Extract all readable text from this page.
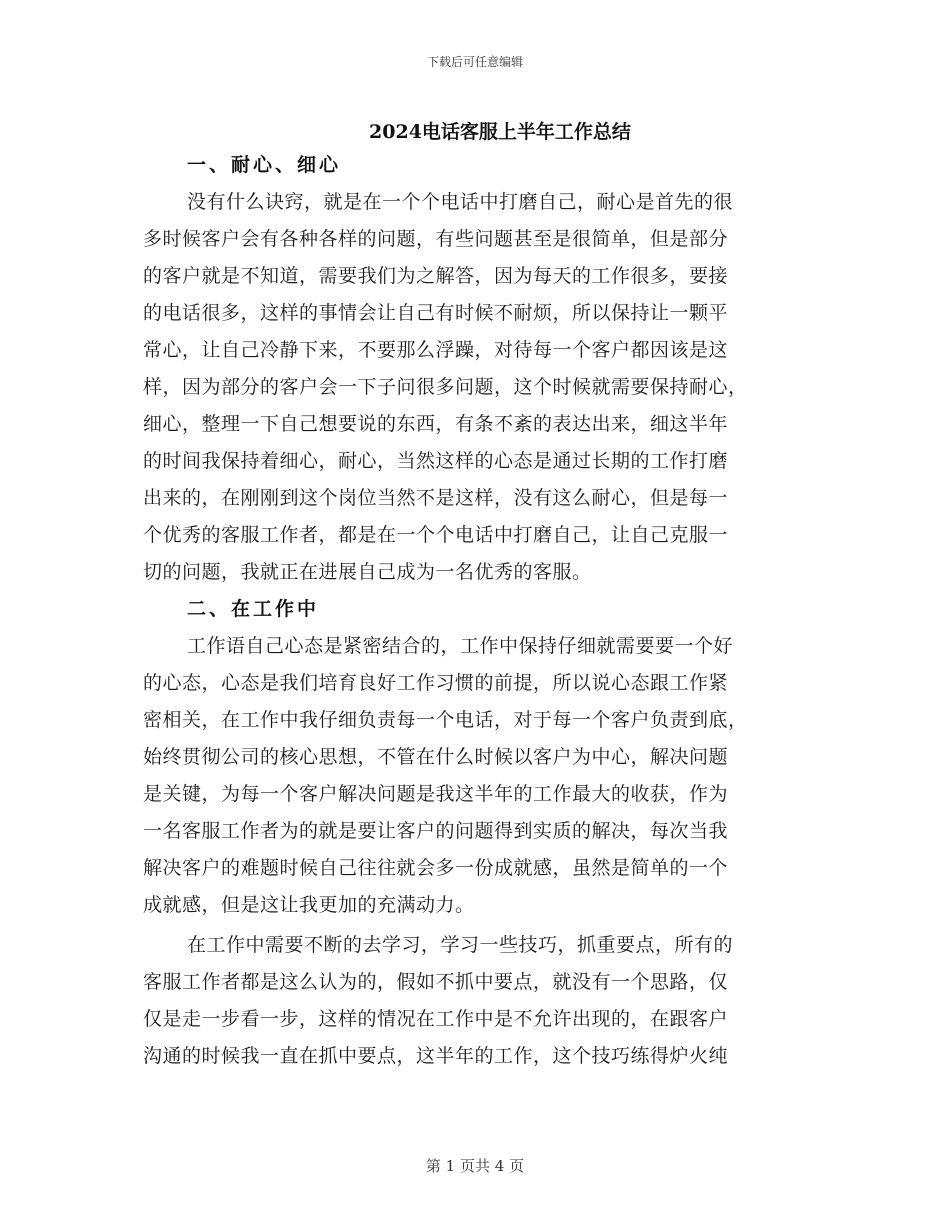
下载后可任意编辑
2024电话客服上半年工作总结
一、耐心、细心
没有什么诀窍，就是在一个个电话中打磨自己，耐心是首先的很
多时候客户会有各种各样的问题，有些问题甚至是很简单，但是部分
的客户就是不知道，需要我们为之解答，因为每天的工作很多，要接
的电话很多，这样的事情会让自己有时候不耐烦，所以保持让一颗平
常心，让自己冷静下来，不要那么浮躁，对待每一个客户都因该是这
样，因为部分的客户会一下子问很多问题，这个时候就需要保持耐心，
细心，整理一下自己想要说的东西，有条不紊的表达出来，细这半年
的时间我保持着细心，耐心，当然这样的心态是通过长期的工作打磨
出来的，在刚刚到这个岗位当然不是这样，没有这么耐心，但是每一
个优秀的客服工作者，都是在一个个电话中打磨自己，让自己克服一
切的问题，我就正在进展自己成为一名优秀的客服。
二、在工作中
工作语自己心态是紧密结合的，工作中保持仔细就需要要一个好
的心态，心态是我们培育良好工作习惯的前提，所以说心态跟工作紧
密相关，在工作中我仔细负责每一个电话，对于每一个客户负责到底，
始终贯彻公司的核心思想，不管在什么时候以客户为中心，解决问题
是关键，为每一个客户解决问题是我这半年的工作最大的收获，作为
一名客服工作者为的就是要让客户的问题得到实质的解决，每次当我
解决客户的难题时候自己往往就会多一份成就感，虽然是简单的一个
成就感，但是这让我更加的充满动力。
在工作中需要不断的去学习，学习一些技巧，抓重要点，所有的
客服工作者都是这么认为的，假如不抓中要点，就没有一个思路，仅
仅是走一步看一步，这样的情况在工作中是不允许出现的，在跟客户
沟通的时候我一直在抓中要点，这半年的工作，这个技巧练得炉火纯
第 1 页共 4 页
